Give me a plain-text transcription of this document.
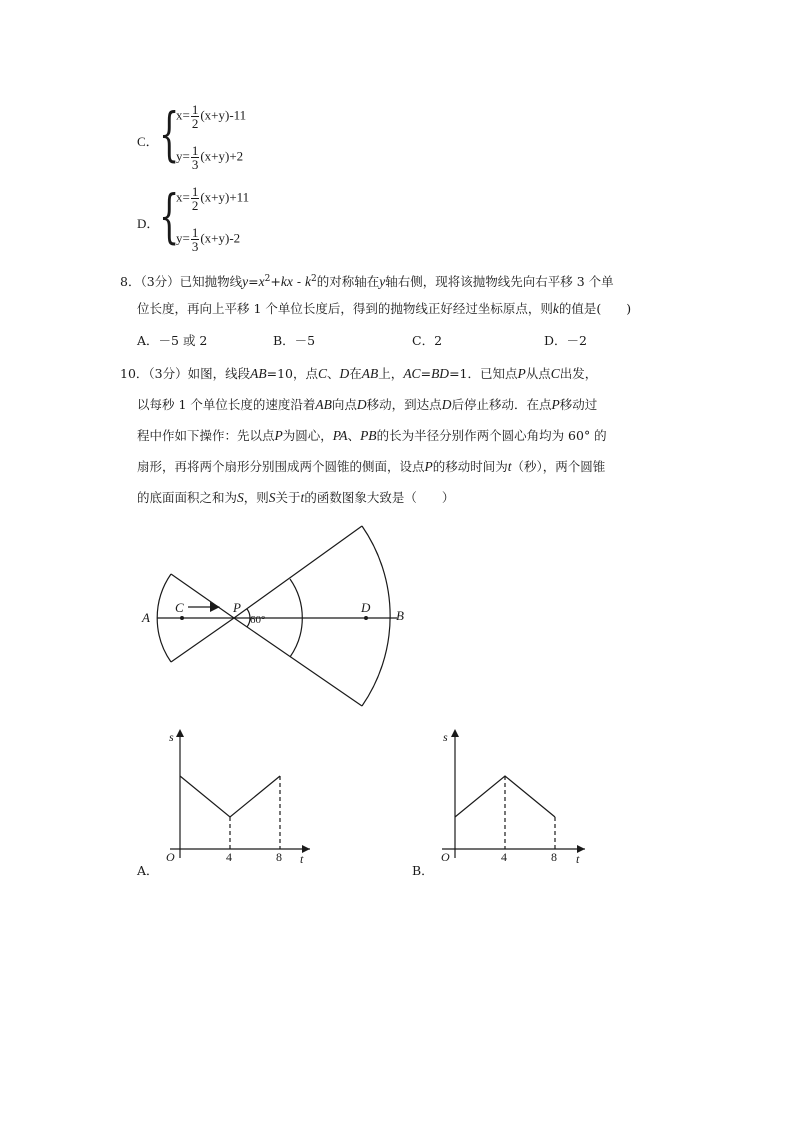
C． {
$x= \frac{1}{2} (x+y)-11$
$y= \frac{1}{3} (x+y)+2$
D． {
$x= \frac{1}{2} (x+y)+11$
$y= \frac{1}{3} (x+y)-2$
8．（3分）已知抛物线$y=x^2+kx - k^2$的对称轴在y轴右侧，现将该抛物线先向右平移 3 个单
位长度，再向上平移 1 个单位长度后，得到的抛物线正好经过坐标原点，则k的值是(　　)
A．－5 或 2	B．－5	C．2	D．－2
10．（3分）如图，线段AB=10，点C、D在AB上，AC=BD=1．已知点P从点C出发，
以每秒 1 个单位长度的速度沿着AB向点D移动，到达点D后停止移动．在点P移动过
程中作如下操作：先以点P为圆心，PA、PB的长为半径分别作两个圆心角均为 60° 的
扇形，再将两个扇形分别围成两个圆锥的侧面，设点P的移动时间为t（秒），两个圆锥
的底面面积之和为S，则S关于t的函数图象大致是（　　）
A
C	P
60°
D
B
s
t
O	4	8
s
t
O	4	8
A．	B．
